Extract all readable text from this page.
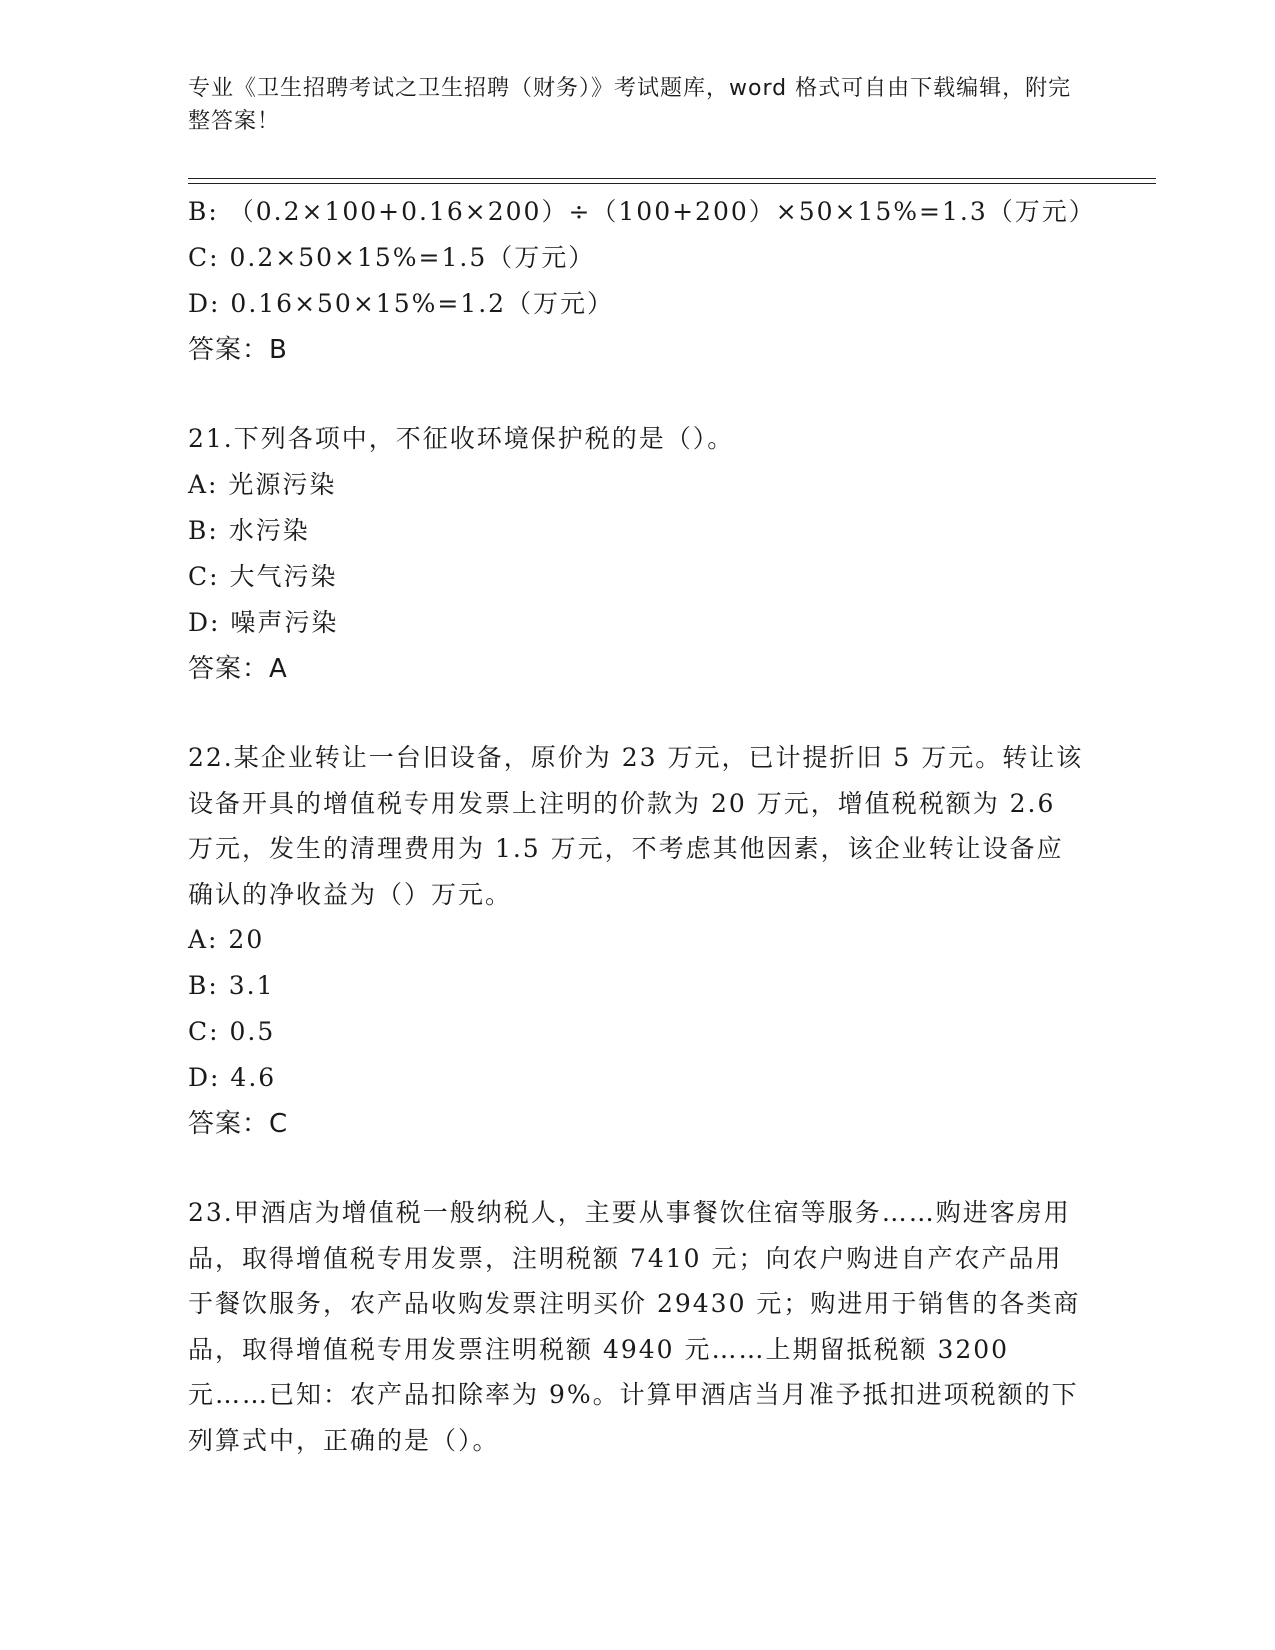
专业《卫生招聘考试之卫生招聘（财务）》考试题库，word 格式可自由下载编辑，附完整答案！
B: （0.2×100+0.16×200）÷（100+200）×50×15%=1.3（万元）
C: 0.2×50×15%=1.5（万元）
D: 0.16×50×15%=1.2（万元）
答案：B
21.下列各项中，不征收环境保护税的是（）。
A: 光源污染
B: 水污染
C: 大气污染
D: 噪声污染
答案：A
22.某企业转让一台旧设备，原价为 23 万元，已计提折旧 5 万元。转让该设备开具的增值税专用发票上注明的价款为 20 万元，增值税税额为 2.6 万元，发生的清理费用为 1.5 万元，不考虑其他因素，该企业转让设备应确认的净收益为（）万元。
A: 20
B: 3.1
C: 0.5
D: 4.6
答案：C
23.甲酒店为增值税一般纳税人，主要从事餐饮住宿等服务……购进客房用品，取得增值税专用发票，注明税额 7410 元；向农户购进自产农产品用于餐饮服务，农产品收购发票注明买价 29430 元；购进用于销售的各类商品，取得增值税专用发票注明税额 4940 元……上期留抵税额 3200 元……已知：农产品扣除率为 9%。计算甲酒店当月准予抵扣进项税额的下列算式中，正确的是（）。
